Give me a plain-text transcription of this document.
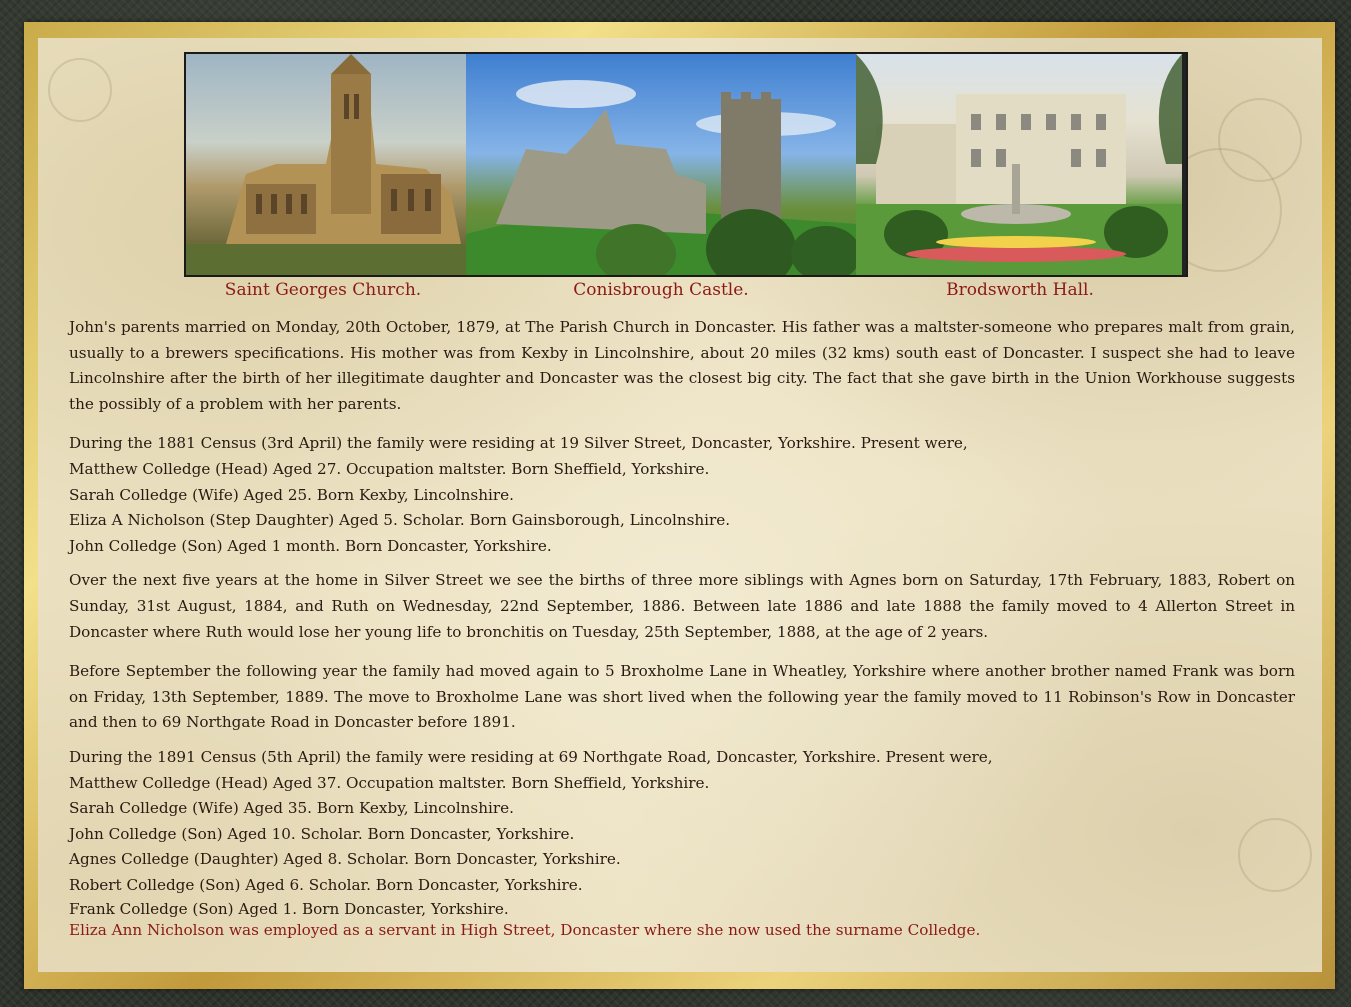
Saint Georges Church.	Conisbrough Castle.	Brodsworth Hall.

John's parents married on Monday, 20th October, 1879, at The Parish Church in Doncaster. His father was a maltster-someone who prepares malt from grain, usually to a brewers specifications. His mother was from Kexby in Lincolnshire, about 20 miles (32 kms) south east of Doncaster. I suspect she had to leave Lincolnshire after the birth of her illegitimate daughter and Doncaster was the closest big city. The fact that she gave birth in the Union Workhouse suggests the possibly of a problem with her parents.

During the 1881 Census (3rd April) the family were residing at 19 Silver Street, Doncaster, Yorkshire. Present were,

Matthew Colledge (Head) Aged 27. Occupation maltster. Born Sheffield, Yorkshire.

Sarah Colledge (Wife) Aged 25. Born Kexby, Lincolnshire.

Eliza A Nicholson (Step Daughter) Aged 5. Scholar. Born Gainsborough, Lincolnshire.

John Colledge (Son) Aged 1 month. Born Doncaster, Yorkshire.

Over the next five years at the home in Silver Street we see the births of three more siblings with Agnes born on Saturday, 17th February, 1883, Robert on Sunday, 31st August, 1884, and Ruth on Wednesday, 22nd September, 1886. Between late 1886 and late 1888 the family moved to 4 Allerton Street in Doncaster where Ruth would lose her young life to bronchitis on Tuesday, 25th September, 1888, at the age of 2 years.

Before September the following year the family had moved again to 5 Broxholme Lane in Wheatley, Yorkshire where another brother named Frank was born on Friday, 13th September, 1889. The move to Broxholme Lane was short lived when the following year the family moved to 11 Robinson's Row in Doncaster and then to 69 Northgate Road in Doncaster before 1891.

During the 1891 Census (5th April) the family were residing at 69 Northgate Road, Doncaster, Yorkshire. Present were,

Matthew Colledge (Head) Aged 37. Occupation maltster. Born Sheffield, Yorkshire.

Sarah Colledge (Wife) Aged 35. Born Kexby, Lincolnshire.

John Colledge (Son) Aged 10. Scholar. Born Doncaster, Yorkshire.

Agnes Colledge (Daughter) Aged 8. Scholar. Born Doncaster, Yorkshire.

Robert Colledge (Son) Aged 6. Scholar. Born Doncaster, Yorkshire.

Frank Colledge (Son) Aged 1. Born Doncaster, Yorkshire.

Eliza Ann Nicholson was employed as a servant in High Street, Doncaster where she now used the surname Colledge.
